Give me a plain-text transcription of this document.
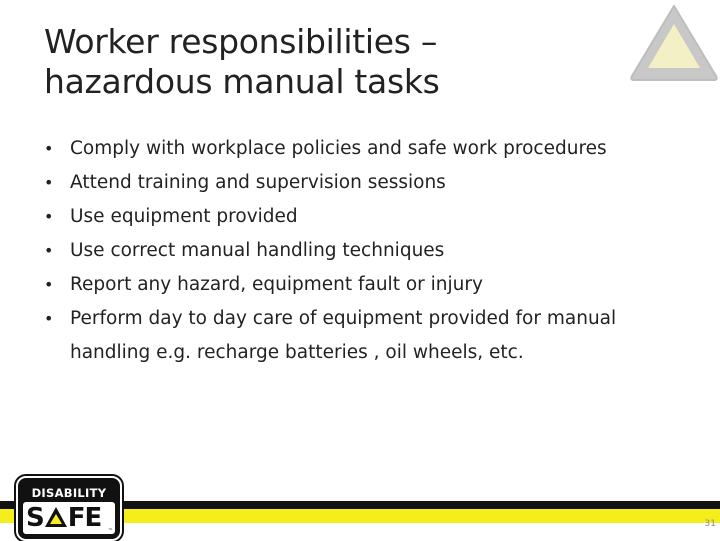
Worker responsibilities –
hazardous manual tasks
• Comply with workplace policies and safe work procedures
• Attend training and supervision sessions
• Use equipment provided
• Use correct manual handling techniques
• Report any hazard, equipment fault or injury
• Perform day to day care of equipment provided for manual handling e.g. recharge batteries , oil wheels, etc.
DISABILITY
S FE	™
31
